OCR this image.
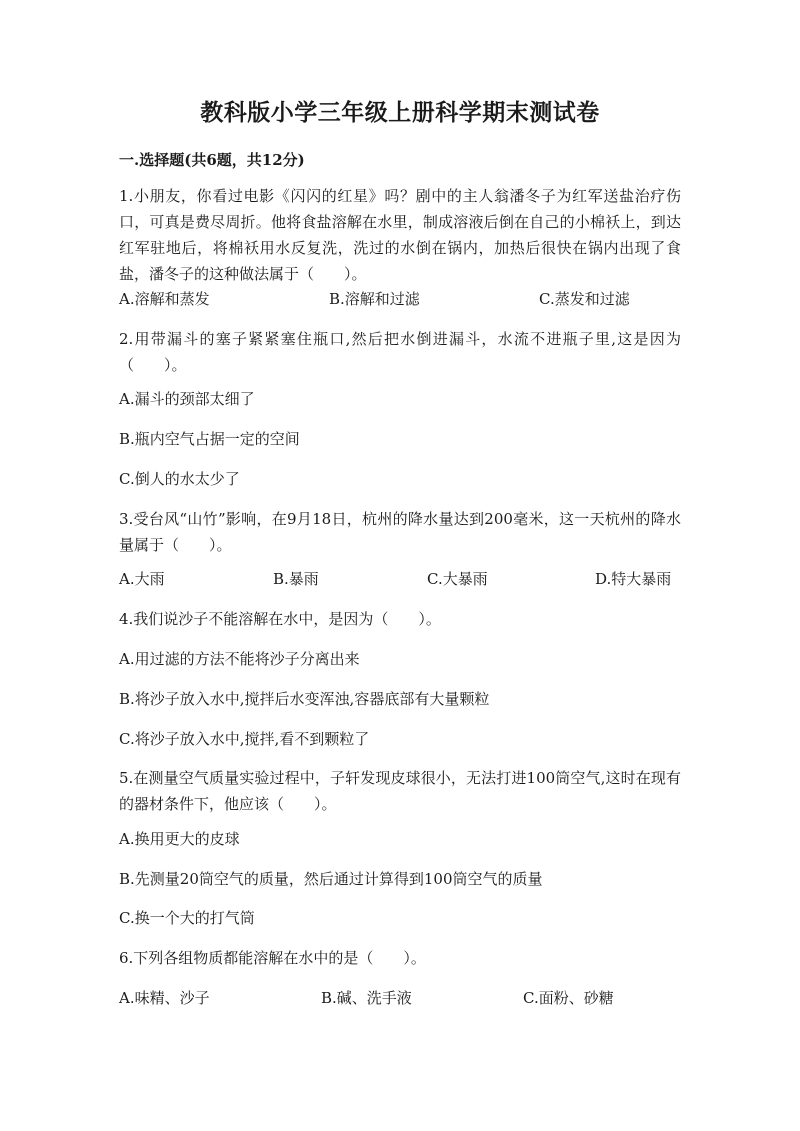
教科版小学三年级上册科学期末测试卷
一.选择题(共6题，共12分)

1.小朋友，你看过电影《闪闪的红星》吗？剧中的主人翁潘冬子为红军送盐治疗伤口，可真是费尽周折。他将食盐溶解在水里，制成溶液后倒在自己的小棉袄上，到达红军驻地后，将棉袄用水反复洗，洗过的水倒在锅内，加热后很快在锅内出现了食盐，潘冬子的这种做法属于（　　）。

A.溶解和蒸发	B.溶解和过滤	C.蒸发和过滤

2.用带漏斗的塞子紧紧塞住瓶口,然后把水倒进漏斗，水流不进瓶子里,这是因为（　　）。

A.漏斗的颈部太细了
B.瓶内空气占据一定的空间
C.倒人的水太少了

3.受台风“山竹”影响，在9月18日，杭州的降水量达到200毫米，这一天杭州的降水量属于（　　）。

A.大雨	B.暴雨	C.大暴雨	D.特大暴雨

4.我们说沙子不能溶解在水中，是因为（　　）。

A.用过滤的方法不能将沙子分离出来
B.将沙子放入水中,搅拌后水变浑浊,容器底部有大量颗粒
C.将沙子放入水中,搅拌,看不到颗粒了

5.在测量空气质量实验过程中，子轩发现皮球很小，无法打进100筒空气,这时在现有的器材条件下，他应该（　　）。

A.换用更大的皮球
B.先测量20筒空气的质量，然后通过计算得到100筒空气的质量
C.换一个大的打气筒

6.下列各组物质都能溶解在水中的是（　　）。

A.味精、沙子	B.碱、洗手液	C.面粉、砂糖
